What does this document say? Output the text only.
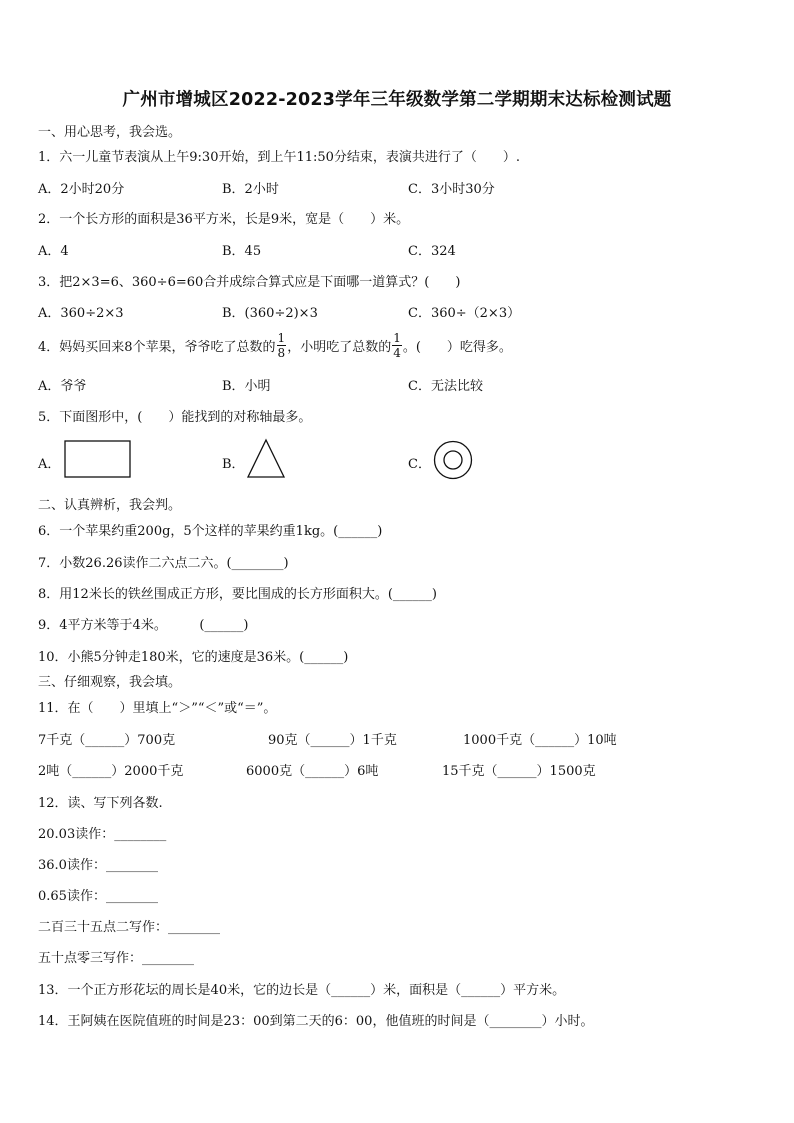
广州市增城区2022-2023学年三年级数学第二学期期末达标检测试题
一、用心思考，我会选。
1．六一儿童节表演从上午9:30开始，到上午11:50分结束，表演共进行了（　　）.
A．2小时20分	B．2小时	C．3小时30分
2．一个长方形的面积是36平方米，长是9米，宽是（　　）米。
A．4	B．45	C．324
3．把2×3=6、360÷6=60合并成综合算式应是下面哪一道算式？(　　)
A．360÷2×3	B．(360÷2)×3	C．360÷（2×3）
4．妈妈买回来8个苹果，爷爷吃了总数的 $\frac{1}{8}$ ，小明吃了总数的 $\frac{1}{4}$ 。(　　）吃得多。
A．爷爷	B．小明	C．无法比较
5．下面图形中，(　　）能找到的对称轴最多。
A．	B．	C．
二、认真辨析，我会判。
6．一个苹果约重200g，5个这样的苹果约重1kg。(______)
7．小数26.26读作二六点二六。(________)
8．用12米长的铁丝围成正方形，要比围成的长方形面积大。(______)
9．4平方米等于4米。　　　(______)
10．小熊5分钟走180米，它的速度是36米。(______)
三、仔细观察，我会填。
11．在（　　）里填上“＞”“＜”或“＝”。
7千克（______）700克	90克（______）1千克	1000千克（______）10吨
2吨（______）2000千克	6000克（______）6吨	15千克（______）1500克
12．读、写下列各数.
20.03读作：________
36.0读作：________
0.65读作：________
二百三十五点二写作：________
五十点零三写作：________
13．一个正方形花坛的周长是40米，它的边长是（______）米，面积是（______）平方米。
14．王阿姨在医院值班的时间是23：00到第二天的6：00，他值班的时间是（________）小时。
